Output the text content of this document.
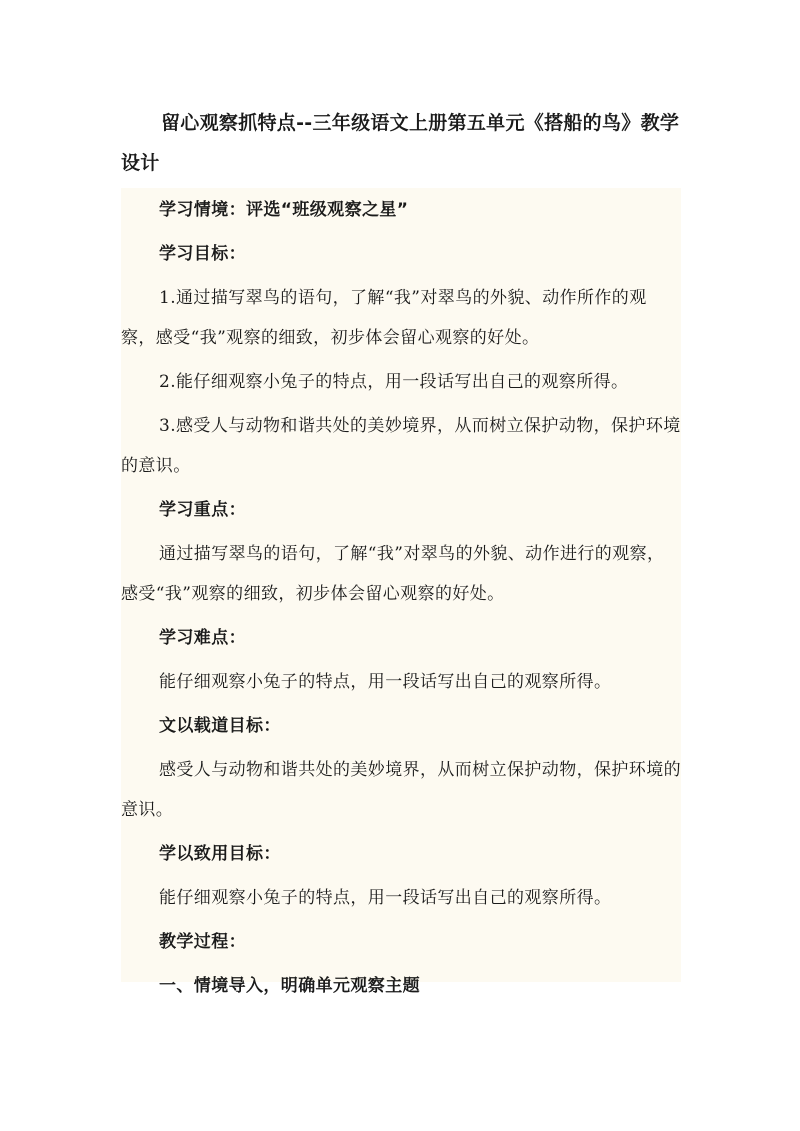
留心观察抓特点--三年级语文上册第五单元《搭船的鸟》教学设计

学习情境：评选“班级观察之星”

学习目标：

1.通过描写翠鸟的语句，了解“我”对翠鸟的外貌、动作所作的观察，感受“我”观察的细致，初步体会留心观察的好处。

2.能仔细观察小兔子的特点，用一段话写出自己的观察所得。

3.感受人与动物和谐共处的美妙境界，从而树立保护动物，保护环境的意识。

学习重点：

通过描写翠鸟的语句，了解“我”对翠鸟的外貌、动作进行的观察，感受“我”观察的细致，初步体会留心观察的好处。

学习难点：

能仔细观察小兔子的特点，用一段话写出自己的观察所得。

文以载道目标：

感受人与动物和谐共处的美妙境界，从而树立保护动物，保护环境的意识。

学以致用目标：

能仔细观察小兔子的特点，用一段话写出自己的观察所得。

教学过程：

一、情境导入，明确单元观察主题
